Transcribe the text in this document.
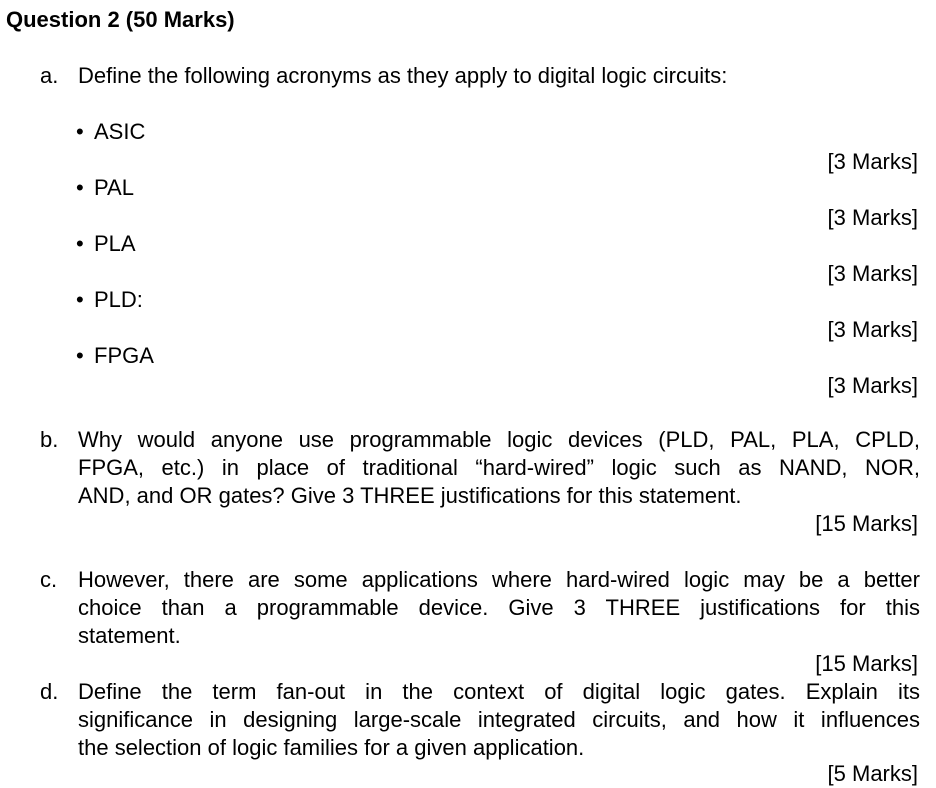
Question 2 (50 Marks)
a. Define the following acronyms as they apply to digital logic circuits:
• ASIC
[3 Marks]
• PAL
[3 Marks]
• PLA
[3 Marks]
• PLD:
[3 Marks]
• FPGA
[3 Marks]
b. Why would anyone use programmable logic devices (PLD, PAL, PLA, CPLD,
FPGA, etc.) in place of traditional “hard-wired” logic such as NAND, NOR,
AND, and OR gates? Give 3 THREE justifications for this statement.
[15 Marks]
c. However, there are some applications where hard-wired logic may be a better
choice than a programmable device. Give 3 THREE justifications for this
statement.
[15 Marks]
d. Define the term fan-out in the context of digital logic gates. Explain its
significance in designing large-scale integrated circuits, and how it influences
the selection of logic families for a given application.
[5 Marks]
